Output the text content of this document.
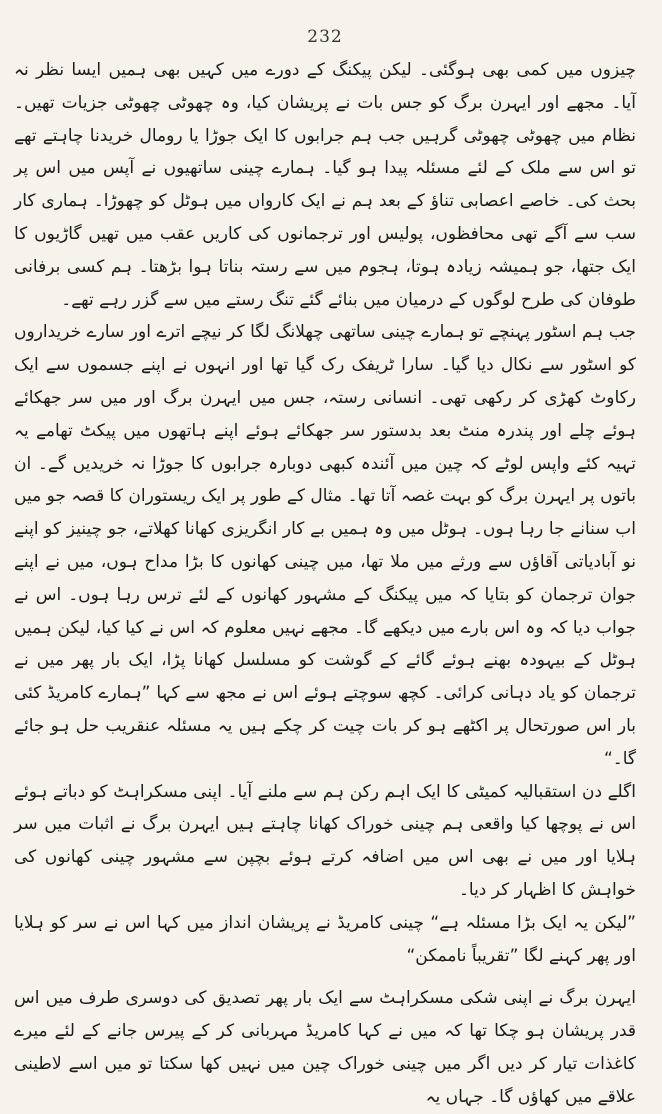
232

چیزوں میں کمی بھی ہوگئی۔ لیکن پیکنگ کے دورے میں کہیں بھی ہمیں ایسا نظر نہ آیا۔ مجھے اور ایہرن برگ کو جس بات نے پریشان کیا، وہ چھوٹی چھوٹی جزیات تھیں۔ نظام میں چھوٹی چھوٹی گرہیں جب ہم جرابوں کا ایک جوڑا یا رومال خریدنا چاہتے تھے تو اس سے ملک کے لئے مسئلہ پیدا ہو گیا۔ ہمارے چینی ساتھیوں نے آپس میں اس پر بحث کی۔ خاصے اعصابی تناؤ کے بعد ہم نے ایک کارواں میں ہوٹل کو چھوڑا۔ ہماری کار سب سے آگے تھی محافظوں، پولیس اور ترجمانوں کی کاریں عقب میں تھیں گاڑیوں کا ایک جتھا، جو ہمیشہ زیادہ ہوتا، ہجوم میں سے رستہ بناتا ہوا بڑھتا۔ ہم کسی برفانی طوفان کی طرح لوگوں کے درمیان میں بنائے گئے تنگ رستے میں سے گزر رہے تھے۔

جب ہم اسٹور پہنچے تو ہمارے چینی ساتھی چھلانگ لگا کر نیچے اترے اور سارے خریداروں کو اسٹور سے نکال دیا گیا۔ سارا ٹریفک رک گیا تھا اور انہوں نے اپنے جسموں سے ایک رکاوٹ کھڑی کر رکھی تھی۔ انسانی رستہ، جس میں ایہرن برگ اور میں سر جھکائے ہوئے چلے اور پندرہ منٹ بعد بدستور سر جھکائے ہوئے اپنے ہاتھوں میں پیکٹ تھامے یہ تہیہ کئے واپس لوٹے کہ چین میں آئندہ کبھی دوبارہ جرابوں کا جوڑا نہ خریدیں گے۔ ان باتوں پر ایہرن برگ کو بہت غصہ آتا تھا۔ مثال کے طور پر ایک ریستوران کا قصہ جو میں اب سنانے جا رہا ہوں۔ ہوٹل میں وہ ہمیں بے کار انگریزی کھانا کھلاتے، جو چینیز کو اپنے نو آبادیاتی آقاؤں سے ورثے میں ملا تھا، میں چینی کھانوں کا بڑا مداح ہوں، میں نے اپنے جوان ترجمان کو بتایا کہ میں پیکنگ کے مشہور کھانوں کے لئے ترس رہا ہوں۔ اس نے جواب دیا کہ وہ اس بارے میں دیکھے گا۔ مجھے نہیں معلوم کہ اس نے کیا کیا، لیکن ہمیں ہوٹل کے بیہودہ بھنے ہوئے گائے کے گوشت کو مسلسل کھانا پڑا، ایک بار پھر میں نے ترجمان کو یاد دہانی کرائی۔ کچھ سوچتے ہوئے اس نے مجھ سے کہا ”ہمارے کامریڈ کئی بار اس صورتحال پر اکٹھے ہو کر بات چیت کر چکے ہیں یہ مسئلہ عنقریب حل ہو جائے گا۔“

اگلے دن استقبالیہ کمیٹی کا ایک اہم رکن ہم سے ملنے آیا۔ اپنی مسکراہٹ کو دباتے ہوئے اس نے پوچھا کیا واقعی ہم چینی خوراک کھانا چاہتے ہیں ایہرن برگ نے اثبات میں سر ہلایا اور میں نے بھی اس میں اضافہ کرتے ہوئے بچپن سے مشہور چینی کھانوں کی خواہش کا اظہار کر دیا۔

”لیکن یہ ایک بڑا مسئلہ ہے“ چینی کامریڈ نے پریشان انداز میں کہا اس نے سر کو ہلایا اور پھر کہنے لگا ”تقریباً ناممکن“

ایہرن برگ نے اپنی شکی مسکراہٹ سے ایک بار پھر تصدیق کی دوسری طرف میں اس قدر پریشان ہو چکا تھا کہ میں نے کہا کامریڈ مہربانی کر کے پیرس جانے کے لئے میرے کاغذات تیار کر دیں اگر میں چینی خوراک چین میں نہیں کھا سکتا تو میں اسے لاطینی علاقے میں کھاؤں گا۔ جہاں یہ
